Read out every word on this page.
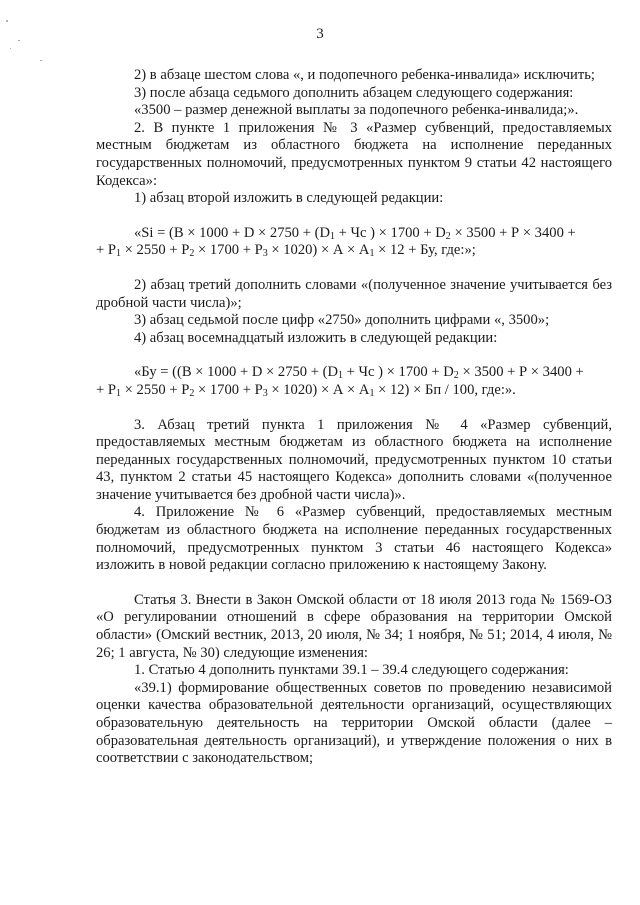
3

2) в абзаце шестом слова «, и подопечного ребенка-инвалида» исключить;

3) после абзаца седьмого дополнить абзацем следующего содержания:

«3500 – размер денежной выплаты за подопечного ребенка-инвалида;».

2. В пункте 1 приложения № 3 «Размер субвенций, предоставляемых местным бюджетам из областного бюджета на исполнение переданных государственных полномочий, предусмотренных пунктом 9 статьи 42 настоящего Кодекса»:

1) абзац второй изложить в следующей редакции:

«$Si = (В \times 1000 + D \times 2750 + (D_1$ + Чс ) × $1700 + D_2 \times 3500 + Р \times 3400$ +
+ $Р_1 \times 2550 + Р_2 \times 1700 + Р_3 \times 1020) \times А \times А_1 \times 12$ + Бу, где:»;

2) абзац третий дополнить словами «(полученное значение учитывается без дробной части числа)»;

3) абзац седьмой после цифр «2750» дополнить цифрами «, 3500»;

4) абзац восемнадцатый изложить в следующей редакции:

«Бу = (($В \times 1000 + D \times 2750 + (D_1$ + Чс ) × $1700 + D_2 \times 3500 + Р \times 3400$ +
+ $Р_1 \times 2550 + Р_2 \times 1700 + Р_3 \times 1020) \times А \times А_1 \times 12$) × Бп / 100, где:».

3. Абзац третий пункта 1 приложения № 4 «Размер субвенций, предоставляемых местным бюджетам из областного бюджета на исполнение переданных государственных полномочий, предусмотренных пунктом 10 статьи 43, пунктом 2 статьи 45 настоящего Кодекса» дополнить словами «(полученное значение учитывается без дробной части числа)».

4. Приложение № 6 «Размер субвенций, предоставляемых местным бюджетам из областного бюджета на исполнение переданных государственных полномочий, предусмотренных пунктом 3 статьи 46 настоящего Кодекса» изложить в новой редакции согласно приложению к настоящему Закону.

Статья 3. Внести в Закон Омской области от 18 июля 2013 года № 1569-ОЗ «О регулировании отношений в сфере образования на территории Омской области» (Омский вестник, 2013, 20 июля, № 34; 1 ноября, № 51; 2014, 4 июля, № 26; 1 августа, № 30) следующие изменения:

1. Статью 4 дополнить пунктами 39.1 – 39.4 следующего содержания:

«39.1) формирование общественных советов по проведению независимой оценки качества образовательной деятельности организаций, осуществляющих образовательную деятельность на территории Омской области (далее – образовательная деятельность организаций), и утверждение положения о них в соответствии с законодательством;
